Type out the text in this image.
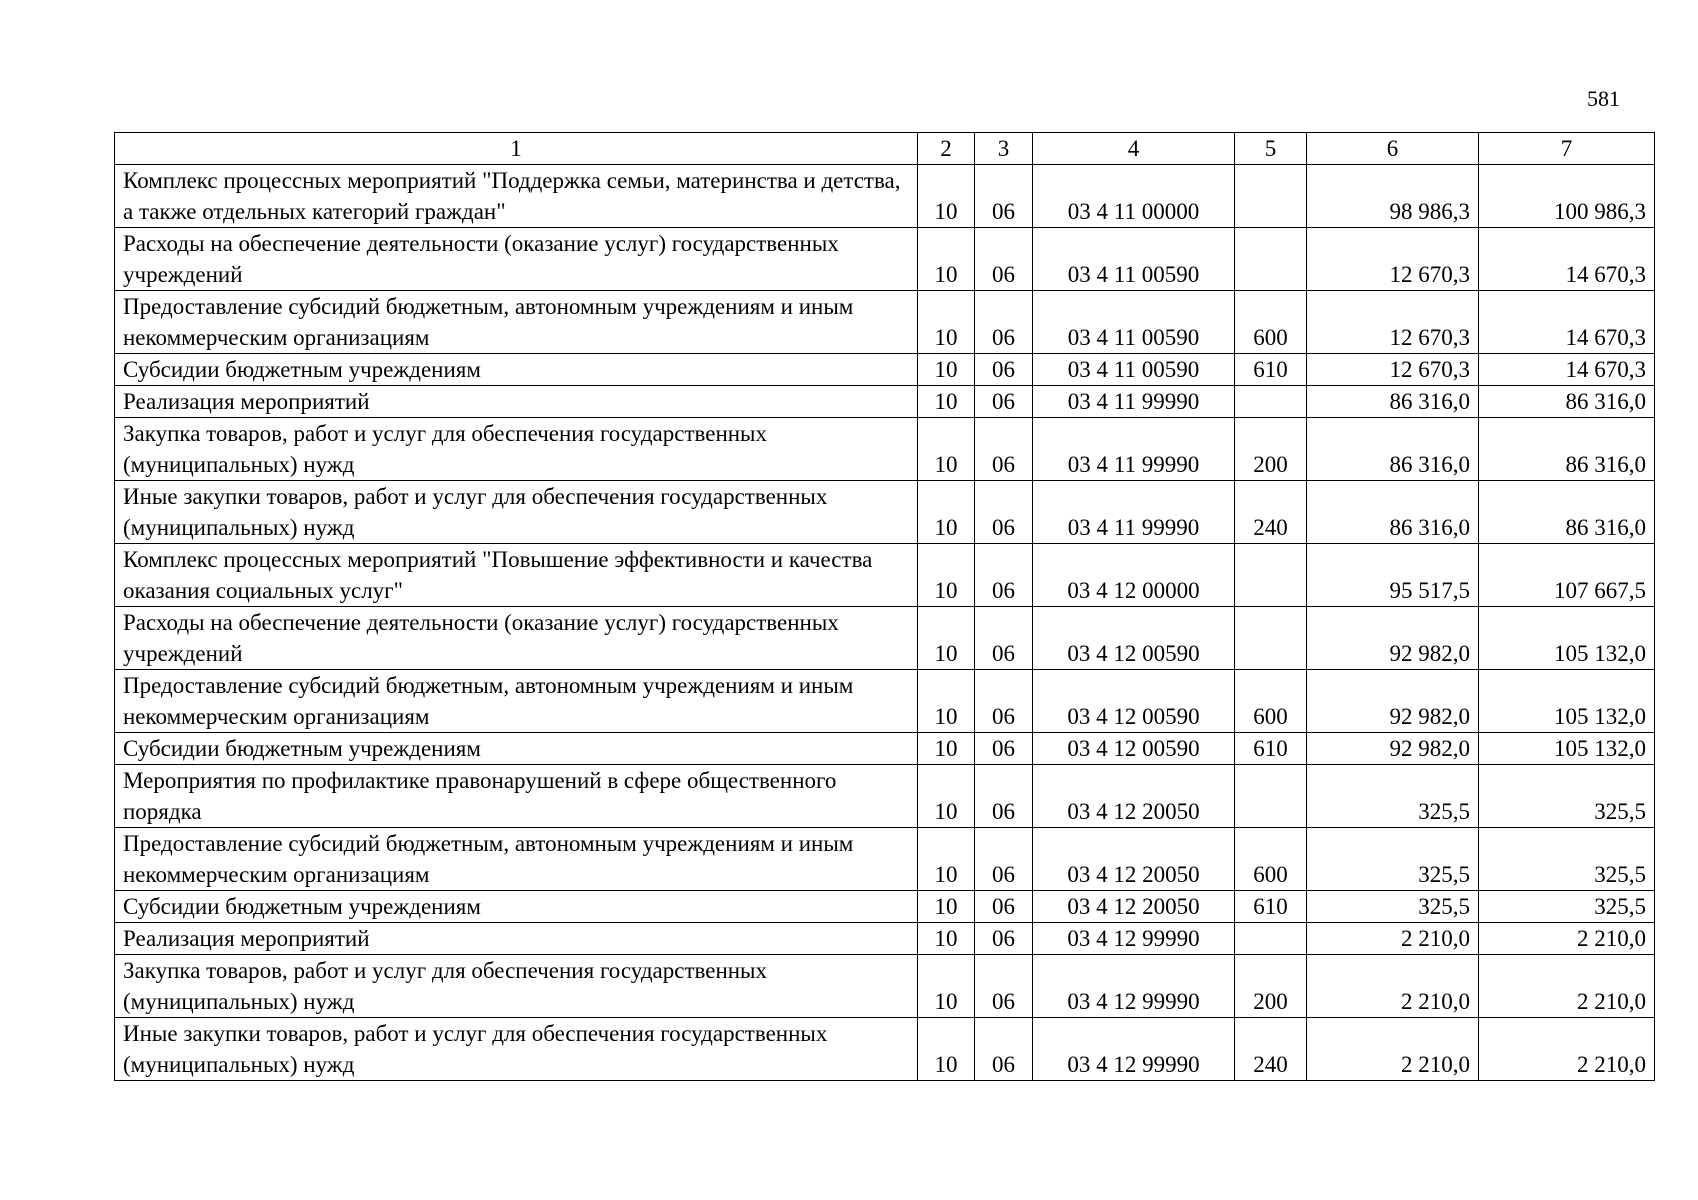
581
1	2	3	4	5	6	7
Комплекс процессных мероприятий "Поддержка семьи, материнства и детства, а также отдельных категорий граждан"	10	06	03 4 11 00000		98 986,3	100 986,3
Расходы на обеспечение деятельности (оказание услуг) государственных учреждений	10	06	03 4 11 00590		12 670,3	14 670,3
Предоставление субсидий бюджетным, автономным учреждениям и иным некоммерческим организациям	10	06	03 4 11 00590	600	12 670,3	14 670,3
Субсидии бюджетным учреждениям	10	06	03 4 11 00590	610	12 670,3	14 670,3
Реализация мероприятий	10	06	03 4 11 99990		86 316,0	86 316,0
Закупка товаров, работ и услуг для обеспечения государственных (муниципальных) нужд	10	06	03 4 11 99990	200	86 316,0	86 316,0
Иные закупки товаров, работ и услуг для обеспечения государственных (муниципальных) нужд	10	06	03 4 11 99990	240	86 316,0	86 316,0
Комплекс процессных мероприятий "Повышение эффективности и качества оказания социальных услуг"	10	06	03 4 12 00000		95 517,5	107 667,5
Расходы на обеспечение деятельности (оказание услуг) государственных учреждений	10	06	03 4 12 00590		92 982,0	105 132,0
Предоставление субсидий бюджетным, автономным учреждениям и иным некоммерческим организациям	10	06	03 4 12 00590	600	92 982,0	105 132,0
Субсидии бюджетным учреждениям	10	06	03 4 12 00590	610	92 982,0	105 132,0
Мероприятия по профилактике правонарушений в сфере общественного порядка	10	06	03 4 12 20050		325,5	325,5
Предоставление субсидий бюджетным, автономным учреждениям и иным некоммерческим организациям	10	06	03 4 12 20050	600	325,5	325,5
Субсидии бюджетным учреждениям	10	06	03 4 12 20050	610	325,5	325,5
Реализация мероприятий	10	06	03 4 12 99990		2 210,0	2 210,0
Закупка товаров, работ и услуг для обеспечения государственных (муниципальных) нужд	10	06	03 4 12 99990	200	2 210,0	2 210,0
Иные закупки товаров, работ и услуг для обеспечения государственных (муниципальных) нужд	10	06	03 4 12 99990	240	2 210,0	2 210,0
